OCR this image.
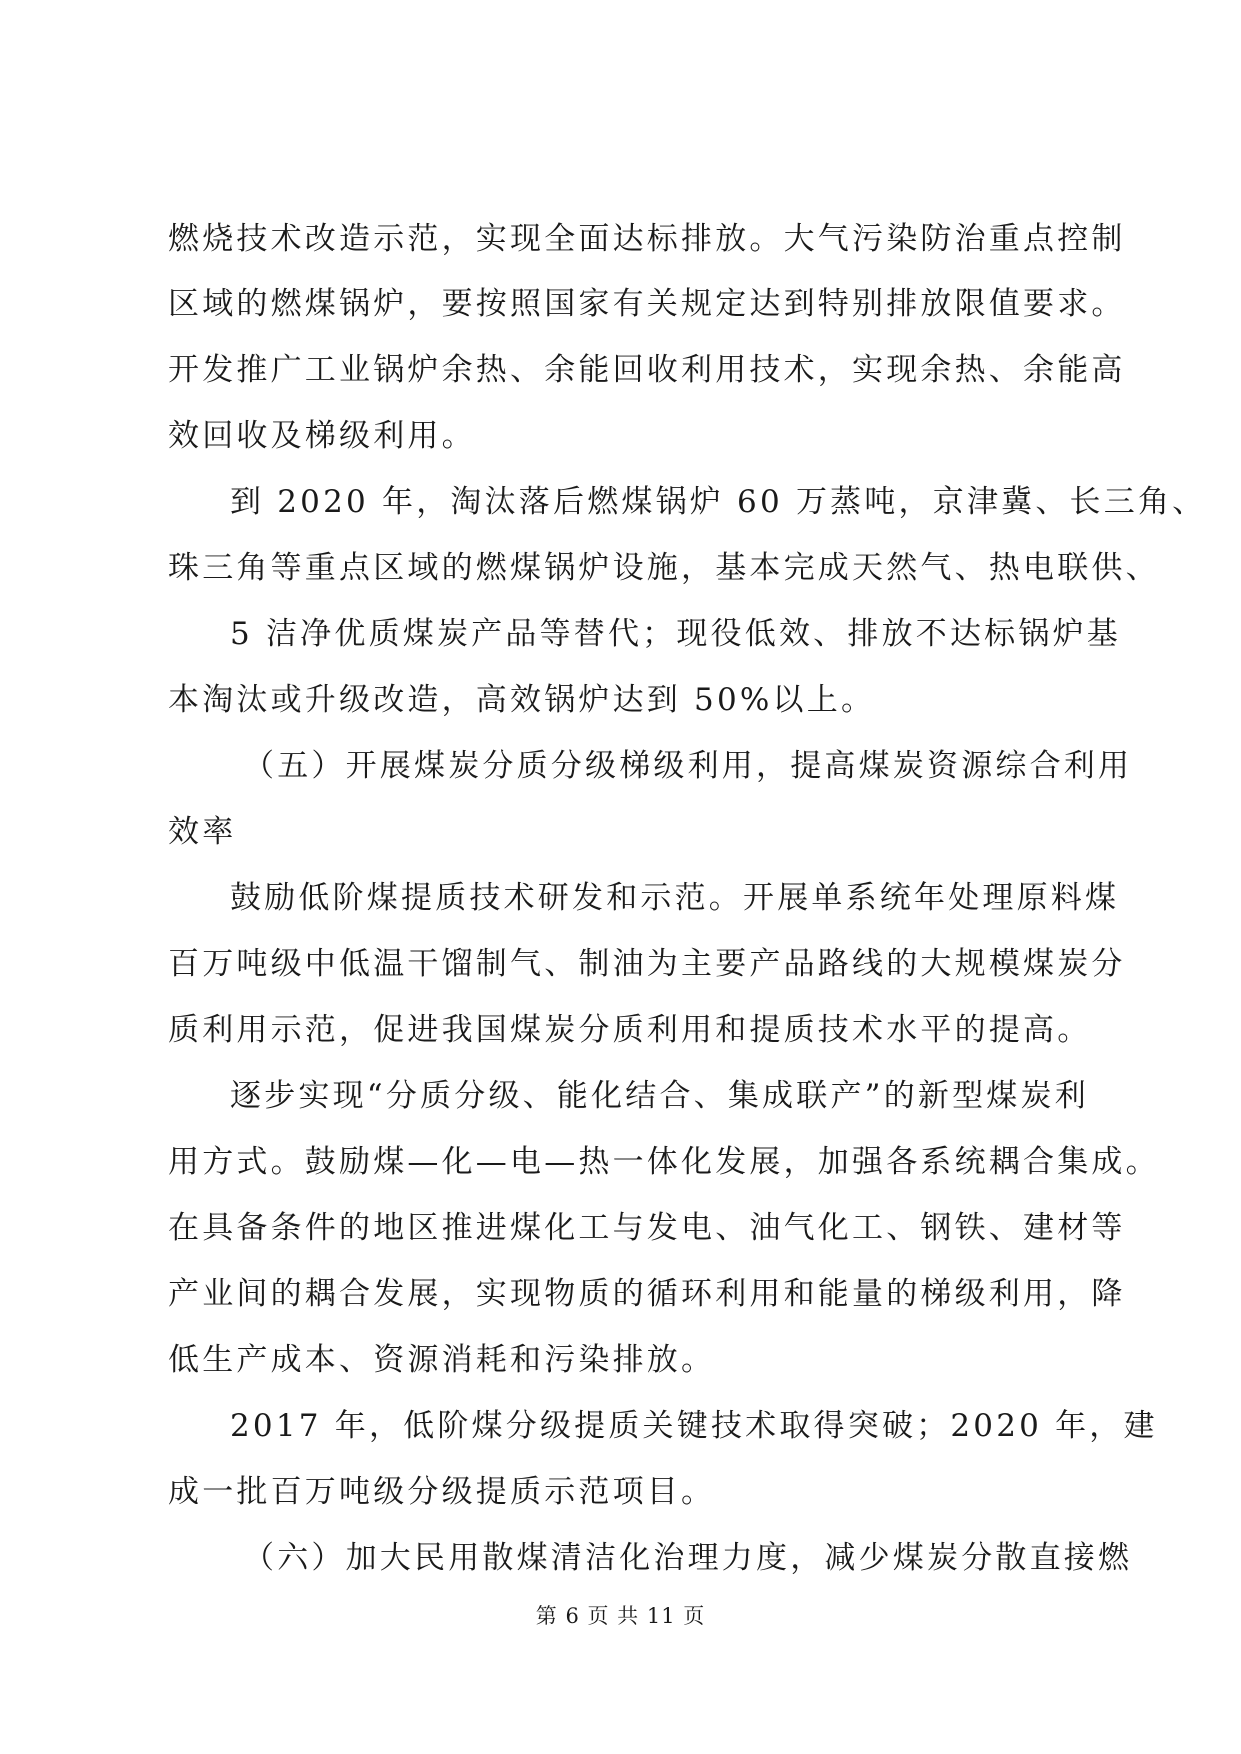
燃烧技术改造示范，实现全面达标排放。大气污染防治重点控制
区域的燃煤锅炉，要按照国家有关规定达到特别排放限值要求。
开发推广工业锅炉余热、余能回收利用技术，实现余热、余能高
效回收及梯级利用。
到 2020 年，淘汰落后燃煤锅炉 60 万蒸吨，京津冀、长三角、
珠三角等重点区域的燃煤锅炉设施，基本完成天然气、热电联供、
5 洁净优质煤炭产品等替代；现役低效、排放不达标锅炉基
本淘汰或升级改造，高效锅炉达到 50%以上。
（五）开展煤炭分质分级梯级利用，提高煤炭资源综合利用
效率
鼓励低阶煤提质技术研发和示范。开展单系统年处理原料煤
百万吨级中低温干馏制气、制油为主要产品路线的大规模煤炭分
质利用示范，促进我国煤炭分质利用和提质技术水平的提高。
逐步实现“分质分级、能化结合、集成联产”的新型煤炭利
用方式。鼓励煤—化—电—热一体化发展，加强各系统耦合集成。
在具备条件的地区推进煤化工与发电、油气化工、钢铁、建材等
产业间的耦合发展，实现物质的循环利用和能量的梯级利用，降
低生产成本、资源消耗和污染排放。
2017 年，低阶煤分级提质关键技术取得突破；2020 年，建
成一批百万吨级分级提质示范项目。
（六）加大民用散煤清洁化治理力度，减少煤炭分散直接燃
第 6 页 共 11 页
